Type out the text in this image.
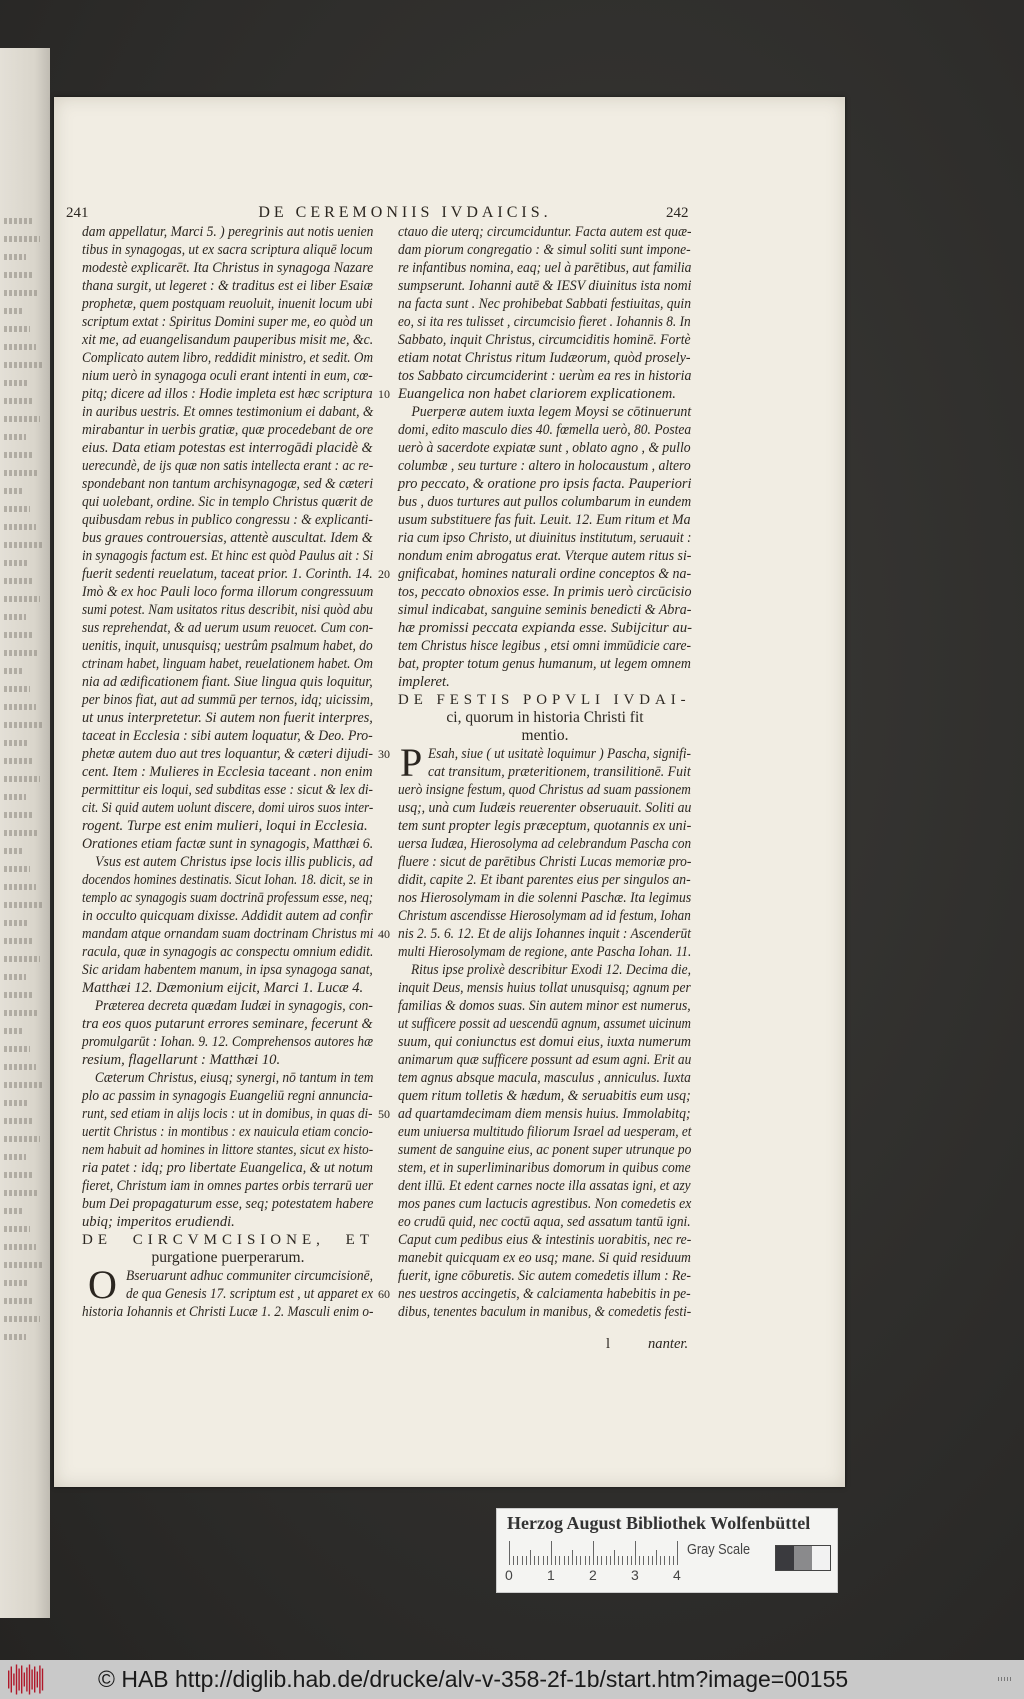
241	DE CEREMONIIS IVDAICIS.	242
dam appellatur, Marci 5. ) peregrinis aut notis uenien
tibus in synagogas, ut ex sacra scriptura aliquē locum
modestè explicarēt. Ita Christus in synagoga Nazare
thana surgit, ut legeret : & traditus est ei liber Esaiæ
prophetæ, quem postquam reuoluit, inuenit locum ubi
scriptum extat : Spiritus Domini super me, eo quòd un
xit me, ad euangelisandum pauperibus misit me, &c.
Complicato autem libro, reddidit ministro, et sedit. Om
nium uerò in synagoga oculi erant intenti in eum, cœ-
pitq; dicere ad illos : Hodie impleta est hæc scriptura
in auribus uestris. Et omnes testimonium ei dabant, &
mirabantur in uerbis gratiæ, quæ procedebant de ore
eius. Data etiam potestas est interrogādi placidè &
uerecundè, de ijs quæ non satis intellecta erant : ac re-
spondebant non tantum archisynagogæ, sed & cæteri
qui uolebant, ordine. Sic in templo Christus quærit de
quibusdam rebus in publico congressu : & explicanti-
bus graues controuersias, attentè auscultat. Idem &
in synagogis factum est. Et hinc est quòd Paulus ait : Si
fuerit sedenti reuelatum, taceat prior. 1. Corinth. 14.
Imò & ex hoc Pauli loco forma illorum congressuum
sumi potest. Nam usitatos ritus describit, nisi quòd abu
sus reprehendat, & ad uerum usum reuocet. Cum con-
uenitis, inquit, unusquisq; uestrûm psalmum habet, do
ctrinam habet, linguam habet, reuelationem habet. Om
nia ad ædificationem fiant. Siue lingua quis loquitur,
per binos fiat, aut ad summū per ternos, idq; uicissim,
ut unus interpretetur. Si autem non fuerit interpres,
taceat in Ecclesia : sibi autem loquatur, & Deo. Pro-
phetæ autem duo aut tres loquantur, & cæteri dijudi-
cent. Item : Mulieres in Ecclesia taceant . non enim
permittitur eis loqui, sed subditas esse : sicut & lex di-
cit. Si quid autem uolunt discere, domi uiros suos inter-
rogent. Turpe est enim mulieri, loqui in Ecclesia.
Orationes etiam factæ sunt in synagogis, Matthæi 6.
Vsus est autem Christus ipse locis illis publicis, ad
docendos homines destinatis. Sicut Iohan. 18. dicit, se in
templo ac synagogis suam doctrinā professum esse, neq;
in occulto quicquam dixisse. Addidit autem ad confir
mandam atque ornandam suam doctrinam Christus mi
racula, quæ in synagogis ac conspectu omnium edidit.
Sic aridam habentem manum, in ipsa synagoga sanat,
Matthæi 12. Dæmonium eijcit, Marci 1. Lucæ 4.
Præterea decreta quædam Iudæi in synagogis, con-
tra eos quos putarunt errores seminare, fecerunt &
promulgarūt : Iohan. 9. 12. Comprehensos autores hæ
resium, flagellarunt : Matthæi 10.
Cæterum Christus, eiusq; synergi, nō tantum in tem
plo ac passim in synagogis Euangeliū regni annuncia-
runt, sed etiam in alijs locis : ut in domibus, in quas di-
uertit Christus : in montibus : ex nauicula etiam concio-
nem habuit ad homines in littore stantes, sicut ex histo-
ria patet : idq; pro libertate Euangelica, & ut notum
fieret, Christum iam in omnes partes orbis terrarū uer
bum Dei propagaturum esse, seq; potestatem habere
ubiq; imperitos erudiendi.
DE CIRCVMCISIONE, ET
purgatione puerperarum.
Bseruarunt adhuc communiter circumcisionē,
de qua Genesis 17. scriptum est , ut apparet ex
historia Iohannis et Christi Lucæ 1. 2. Masculi enim o-
ctauo die uterq; circumciduntur. Facta autem est quæ-
dam piorum congregatio : & simul soliti sunt impone-
re infantibus nomina, eaq; uel à parētibus, aut familia
sumpserunt. Iohanni autē & IESV diuinitus ista nomi
na facta sunt . Nec prohibebat Sabbati festiuitas, quin
eo, si ita res tulisset , circumcisio fieret . Iohannis 8. In
Sabbato, inquit Christus, circumciditis hominē. Fortè
etiam notat Christus ritum Iudæorum, quòd prosely-
tos Sabbato circumciderint : uerùm ea res in historia
Euangelica non habet clariorem explicationem.
Puerperæ autem iuxta legem Moysi se cōtinuerunt
domi, edito masculo dies 40. fœmella uerò, 80. Postea
uerò à sacerdote expiatæ sunt , oblato agno , & pullo
columbæ , seu turture : altero in holocaustum , altero
pro peccato, & oratione pro ipsis facta. Pauperiori
bus , duos turtures aut pullos columbarum in eundem
usum substituere fas fuit. Leuit. 12. Eum ritum et Ma
ria cum ipso Christo, ut diuinitus institutum, seruauit :
nondum enim abrogatus erat. Vterque autem ritus si-
gnificabat, homines naturali ordine conceptos & na-
tos, peccato obnoxios esse. In primis uerò circūcisio
simul indicabat, sanguine seminis benedicti & Abra-
hæ promissi peccata expianda esse. Subijcitur au-
tem Christus hisce legibus , etsi omni immūdicie care-
bat, propter totum genus humanum, ut legem omnem
impleret.
DE FESTIS POPVLI IVDAI-
ci, quorum in historia Christi fit
mentio.
Esah, siue ( ut usitatè loquimur ) Pascha, signifi-
cat transitum, præteritionem, transilitionē. Fuit
uerò insigne festum, quod Christus ad suam passionem
usq;, unà cum Iudæis reuerenter obseruauit. Soliti au
tem sunt propter legis præceptum, quotannis ex uni-
uersa Iudæa, Hierosolyma ad celebrandum Pascha con
fluere : sicut de parētibus Christi Lucas memoriæ pro-
didit, capite 2. Et ibant parentes eius per singulos an-
nos Hierosolymam in die solenni Paschæ. Ita legimus
Christum ascendisse Hierosolymam ad id festum, Iohan
nis 2. 5. 6. 12. Et de alijs Iohannes inquit : Ascenderūt
multi Hierosolymam de regione, ante Pascha Iohan. 11.
Ritus ipse prolixè describitur Exodi 12. Decima die,
inquit Deus, mensis huius tollat unusquisq; agnum per
familias & domos suas. Sin autem minor est numerus,
ut sufficere possit ad uescendū agnum, assumet uicinum
suum, qui coniunctus est domui eius, iuxta numerum
animarum quæ sufficere possunt ad esum agni. Erit au
tem agnus absque macula, masculus , anniculus. Iuxta
quem ritum tolletis & hædum, & seruabitis eum usq;
ad quartamdecimam diem mensis huius. Immolabitq;
eum uniuersa multitudo filiorum Israel ad uesperam, et
sument de sanguine eius, ac ponent super utrunque po
stem, et in superliminaribus domorum in quibus come
dent illū. Et edent carnes nocte illa assatas igni, et azy
mos panes cum lactucis agrestibus. Non comedetis ex
eo crudū quid, nec coctū aqua, sed assatum tantū igni.
Caput cum pedibus eius & intestinis uorabitis, nec re-
manebit quicquam ex eo usq; mane. Si quid residuum
fuerit, igne cōburetis. Sic autem comedetis illum : Re-
nes uestros accingetis, & calciamenta habebitis in pe-
dibus, tenentes baculum in manibus, & comedetis festi-
10
20
30
40
50
60
O
P
l	nanter.
Herzog August Bibliothek Wolfenbüttel
Gray Scale
0 1 2 3 4
© HAB http://diglib.hab.de/drucke/alv-v-358-2f-1b/start.htm?image=00155
